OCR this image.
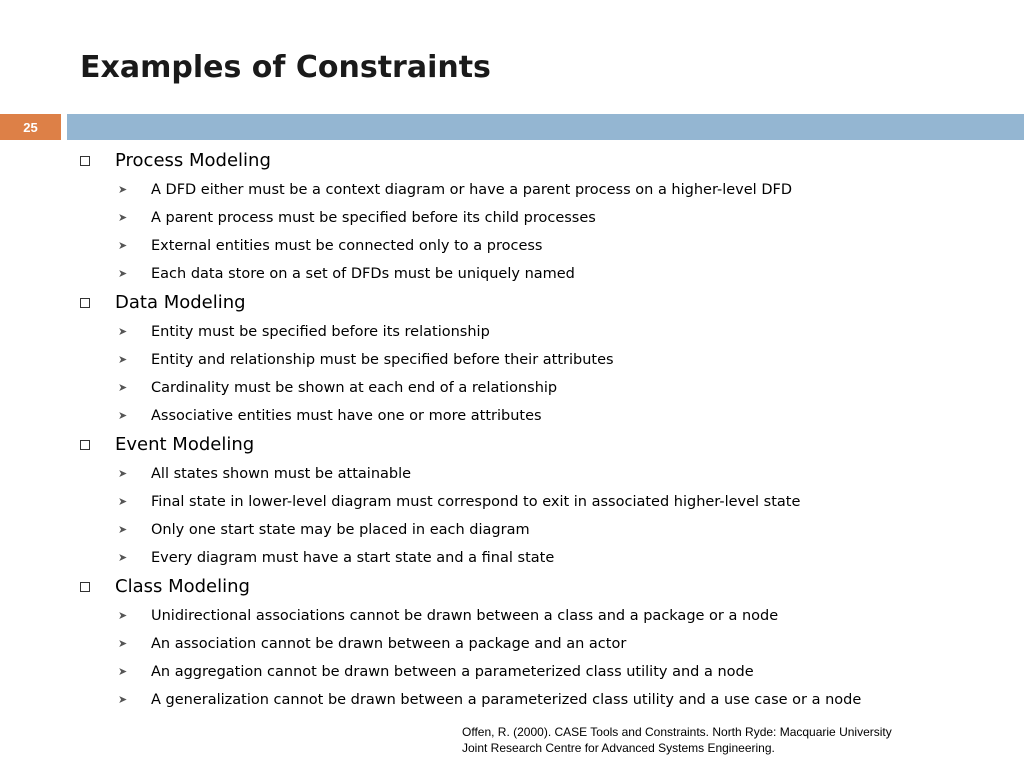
Examples of Constraints
25
Process Modeling
➤ A DFD either must be a context diagram or have a parent process on a higher-level DFD
➤ A parent process must be specified before its child processes
➤ External entities must be connected only to a process
➤ Each data store on a set of DFDs must be uniquely named
Data Modeling
➤ Entity must be specified before its relationship
➤ Entity and relationship must be specified before their attributes
➤ Cardinality must be shown at each end of a relationship
➤ Associative entities must have one or more attributes
Event Modeling
➤ All states shown must be attainable
➤ Final state in lower-level diagram must correspond to exit in associated higher-level state
➤ Only one start state may be placed in each diagram
➤ Every diagram must have a start state and a final state
Class Modeling
➤ Unidirectional associations cannot be drawn between a class and a package or a node
➤ An association cannot be drawn between a package and an actor
➤ An aggregation cannot be drawn between a parameterized class utility and a node
➤ A generalization cannot be drawn between a parameterized class utility and a use case or a node
Offen, R. (2000). CASE Tools and Constraints. North Ryde: Macquarie University
Joint Research Centre for Advanced Systems Engineering.
